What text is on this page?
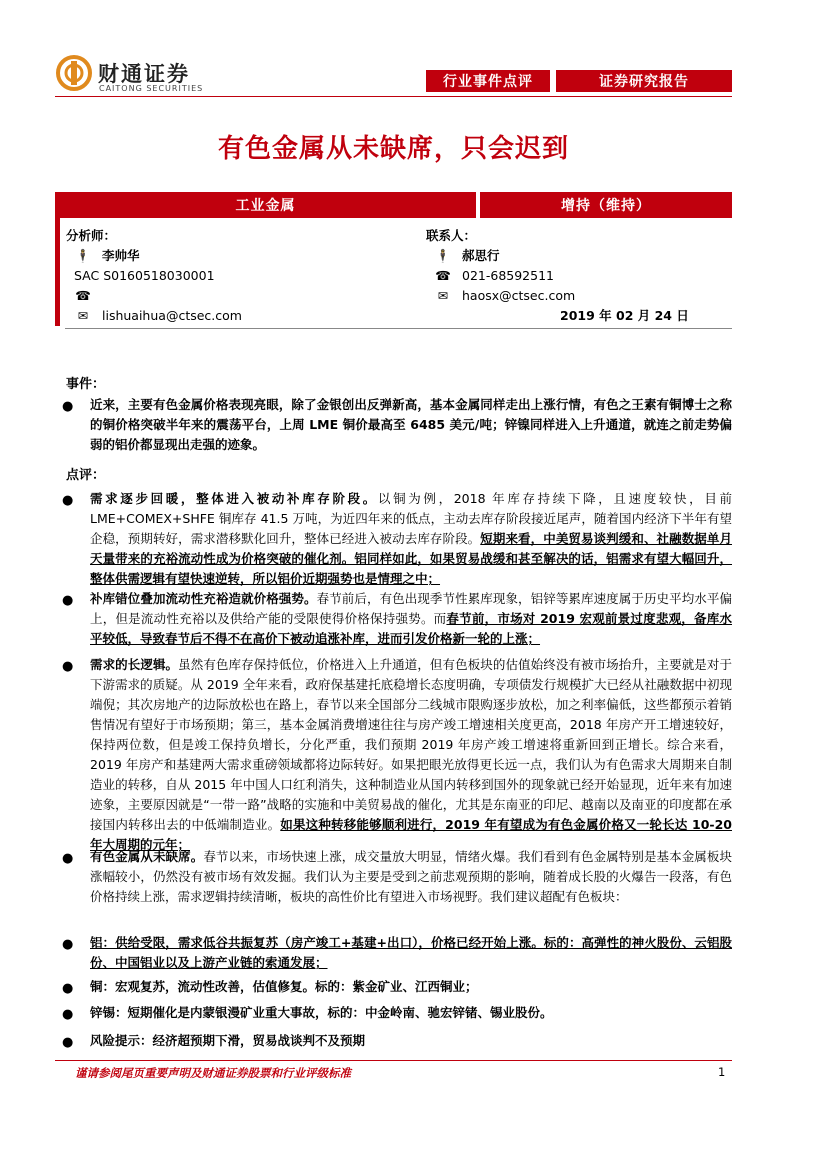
财通证券
CAITONG SECURITIES	行业事件点评	证券研究报告
有色金属从未缺席，只会迟到
工业金属	增持（维持）
分析师：
🕴 李帅华
SAC S0160518030001
☎
✉ lishuaihua@ctsec.com
联系人：
🕴 郝思行
☎ 021-68592511
✉ haosx@ctsec.com
2019 年 02 月 24 日
事件：
● 近来，主要有色金属价格表现亮眼，除了金银创出反弹新高，基本金属同样走出上涨行情，有色之王素有铜博士之称的铜价格突破半年来的震荡平台，上周 LME 铜价最高至 6485 美元/吨；锌镍同样进入上升通道，就连之前走势偏弱的铝价都显现出走强的迹象。
点评：
● 需求逐步回暖，整体进入被动补库存阶段。以铜为例，2018 年库存持续下降，且速度较快，目前 LME+COMEX+SHFE 铜库存 41.5 万吨，为近四年来的低点，主动去库存阶段接近尾声，随着国内经济下半年有望企稳，预期转好，需求潜移默化回升，整体已经进入被动去库存阶段。短期来看，中美贸易谈判缓和、社融数据单月天量带来的充裕流动性成为价格突破的催化剂。铝同样如此，如果贸易战缓和甚至解决的话，铝需求有望大幅回升，整体供需逻辑有望快速逆转，所以铝价近期强势也是情理之中；
● 补库错位叠加流动性充裕造就价格强势。春节前后，有色出现季节性累库现象，铝锌等累库速度属于历史平均水平偏上，但是流动性充裕以及供给产能的受限使得价格保持强势。而春节前，市场对 2019 宏观前景过度悲观，备库水平较低，导致春节后不得不在高价下被动追涨补库，进而引发价格新一轮的上涨；
● 需求的长逻辑。虽然有色库存保持低位，价格进入上升通道，但有色板块的估值始终没有被市场抬升，主要就是对于下游需求的质疑。从 2019 全年来看，政府保基建托底稳增长态度明确，专项债发行规模扩大已经从社融数据中初现端倪；其次房地产的边际放松也在路上，春节以来全国部分二线城市限购逐步放松，加之利率偏低，这些都预示着销售情况有望好于市场预期；第三，基本金属消费增速往往与房产竣工增速相关度更高，2018 年房产开工增速较好，保持两位数，但是竣工保持负增长，分化严重，我们预期 2019 年房产竣工增速将重新回到正增长。综合来看，2019 年房产和基建两大需求重磅领域都将边际转好。如果把眼光放得更长远一点，我们认为有色需求大周期来自制造业的转移，自从 2015 年中国人口红利消失，这种制造业从国内转移到国外的现象就已经开始显现，近年来有加速迹象，主要原因就是“一带一路”战略的实施和中美贸易战的催化，尤其是东南亚的印尼、越南以及南亚的印度都在承接国内转移出去的中低端制造业。如果这种转移能够顺利进行，2019 年有望成为有色金属价格又一轮长达 10-20 年大周期的元年；
● 有色金属从未缺席。春节以来，市场快速上涨，成交量放大明显，情绪火爆。我们看到有色金属特别是基本金属板块涨幅较小，仍然没有被市场有效发掘。我们认为主要是受到之前悲观预期的影响，随着成长股的火爆告一段落，有色价格持续上涨，需求逻辑持续清晰，板块的高性价比有望进入市场视野。我们建议超配有色板块：
● 铝：供给受限，需求低谷共振复苏（房产竣工+基建+出口），价格已经开始上涨。标的：高弹性的神火股份、云铝股份、中国铝业以及上游产业链的索通发展；
● 铜：宏观复苏，流动性改善，估值修复。标的：紫金矿业、江西铜业；
● 锌锡：短期催化是内蒙银漫矿业重大事故，标的：中金岭南、驰宏锌锗、锡业股份。
● 风险提示：经济超预期下滑，贸易战谈判不及预期
谨请参阅尾页重要声明及财通证券股票和行业评级标准	1
